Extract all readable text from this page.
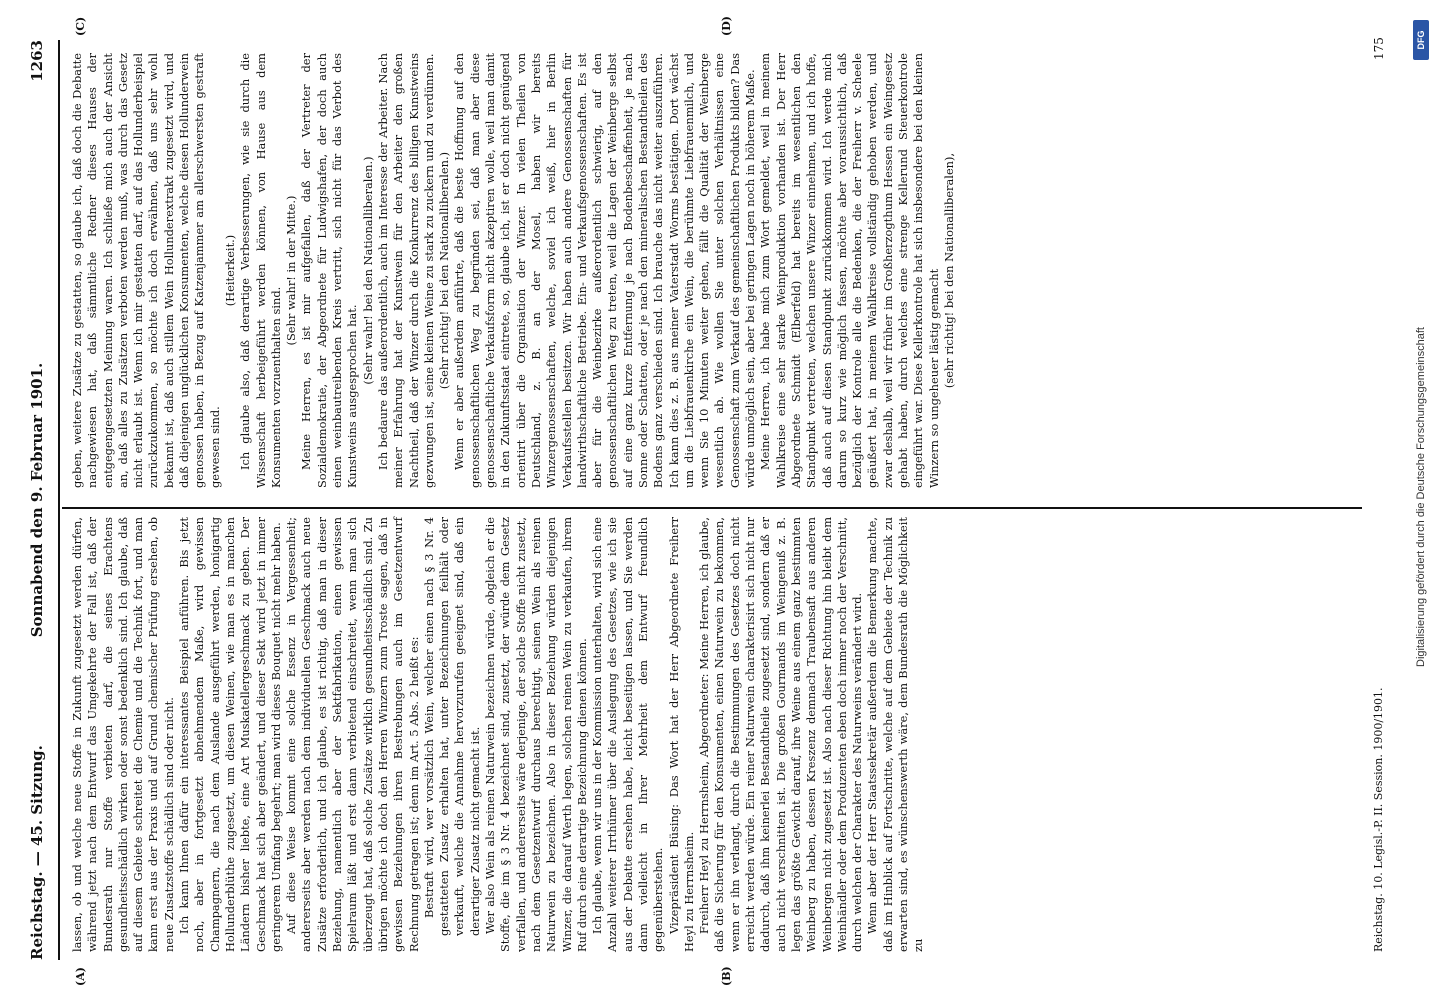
Reichstag. — 45. Sitzung.
Sonnabend den 9. Februar 1901.
1263
(A)	(B)
(C)	(D)

lassen, ob und welche neue Stoffe in Zukunft zugesetzt werden dürfen, während jetzt nach dem Entwurf das Umgekehrte der Fall ist, daß der Bundesrath nur Stoffe verbieten darf, die seines Erachtens gesundheitsschädlich wirken oder sonst bedenklich sind. Ich glaube, daß auf diesem Gebiete schreitet die Chemie und die Technik fort, und man kann erst aus der Praxis und auf Grund chemischer Prüfung ersehen, ob neue Zusatzstoffe schädlich sind oder nicht. Ich kann Ihnen dafür ein interessantes Beispiel anführen. Bis jetzt noch, aber in fortgesetzt abnehmendem Maße, wird gewissen Champagnern, die nach dem Auslande ausgeführt werden, honigartig Hollunderblüthe zugesetzt, um diesen Weinen, wie man es in manchen Ländern bisher liebte, eine Art Muskatellergeschmack zu geben. Der Geschmack hat sich aber geändert, und dieser Sekt wird jetzt in immer geringerem Umfang begehrt; man wird dieses Bouquet nicht mehr haben. Auf diese Weise kommt eine solche Essenz in Vergessenheit; andererseits aber werden nach dem individuellen Geschmack auch neue Zusätze erforderlich, und ich glaube, es ist richtig, daß man in dieser Beziehung, namentlich aber der Sektfabrikation, einen gewissen Spielraum läßt und erst dann verbietend einschreitet, wenn man sich überzeugt hat, daß solche Zusätze wirklich gesundheitsschädlich sind. Zu übrigen möchte ich doch den Herren Winzern zum Troste sagen, daß in gewissen Beziehungen ihren Bestrebungen auch im Gesetzentwurf Rechnung getragen ist; denn im Art. 5 Abs. 2 heißt es: Bestraft wird, wer vorsätzlich Wein, welcher einen nach § 3 Nr. 4 gestatteten Zusatz erhalten hat, unter Bezeichnungen feilhält oder verkauft, welche die Annahme hervorzurufen geeignet sind, daß ein derartiger Zusatz nicht gemacht ist. Wer also Wein als reinen Naturwein bezeichnen würde, obgleich er die Stoffe, die im § 3 Nr. 4 bezeichnet sind, zusetzt, der würde dem Gesetz verfallen, und andererseits wäre derjenige, der solche Stoffe nicht zusetzt, nach dem Gesetzentwurf durchaus berechtigt, seinen Wein als reinen Naturwein zu bezeichnen. Also in dieser Beziehung würden diejenigen Winzer, die darauf Werth legen, solchen reinen Wein zu verkaufen, ihrem Ruf durch eine derartige Bezeichnung dienen können. Ich glaube, wenn wir uns in der Kommission unterhalten, wird sich eine Anzahl weiterer Irrthümer über die Auslegung des Gesetzes, wie ich sie aus der Debatte ersehen habe, leicht beseitigen lassen, und Sie werden dann vielleicht in Ihrer Mehrheit dem Entwurf freundlich gegenüberstehen. Vizepräsident Büsing: Das Wort hat der Herr Abgeordnete Freiherr Heyl zu Herrnsheim. Freiherr Heyl zu Herrnsheim, Abgeordneter: Meine Herren, ich glaube, daß die Sicherung für den Konsumenten, einen Naturwein zu bekommen, wenn er ihn verlangt, durch die Bestimmungen des Gesetzes doch nicht erreicht werden würde. Ein reiner Naturwein charakterisirt sich nicht nur dadurch, daß ihm keinerlei Bestandtheile zugesetzt sind, sondern daß er auch nicht verschnitten ist. Die großen Gourmands im Weingenuß z. B. legen das größte Gewicht darauf, ihre Weine aus einem ganz bestimmten Weinberg zu haben, dessen Kreszenz demnach Traubensaft aus anderen Weinbergen nicht zugesetzt ist. Also nach dieser Richtung hin bleibt dem Weinhändler oder dem Produzenten eben doch immer noch der Verschnitt, durch welchen der Charakter des Naturweins verändert wird. Wenn aber der Herr Staatssekretär außerdem die Bemerkung machte, daß im Hinblick auf Fortschritte, welche auf dem Gebiete der Technik zu erwarten sind, es wünschenswerth wäre, dem Bundesrath die Möglichkeit zu

geben, weitere Zusätze zu gestatten, so glaube ich, daß doch die Debatte nachgewiesen hat, daß sämmtliche Redner dieses Hauses der entgegengesetzten Meinung waren. Ich schließe mich auch der Ansicht an, daß alles zu Zusätzen verboten werden muß, was durch das Gesetz nicht erlaubt ist. Wenn ich mir gestatten darf, auf das Hollunderbeispiel zurückzukommen, so möchte ich doch erwähnen, daß uns sehr wohl bekannt ist, daß auch stillem Wein Hollunderextrakt zugesetzt wird, und daß diejenigen unglücklichen Konsumenten, welche diesen Hollunderwein genossen haben, in Bezug auf Katzenjammer am allerschwersten gestraft gewesen sind.

(Heiterkeit.) Ich glaube also, daß derartige Verbesserungen, wie sie durch die Wissenschaft herbeigeführt werden können, von Hause aus dem Konsumenten vorzuenthalten sind.

(Sehr wahr! in der Mitte.) Meine Herren, es ist mir aufgefallen, daß der Vertreter der Sozialdemokratie, der Abgeordnete für Ludwigshafen, der doch auch einen weinbautreibenden Kreis vertritt, sich nicht für das Verbot des Kunstweins ausgesprochen hat.

(Sehr wahr! bei den Nationalliberalen.) Ich bedaure das außerordentlich, auch im Interesse der Arbeiter. Nach meiner Erfahrung hat der Kunstwein für den Arbeiter den großen Nachtheil, daß der Winzer durch die Konkurrenz des billigen Kunstweins gezwungen ist, seine kleinen Weine zu stark zu zuckern und zu verdünnen. (Sehr richtig! bei den Nationalliberalen.) Wenn er aber außerdem anführte, daß die beste Hoffnung auf den genossenschaftlichen Weg zu begründen sei, daß man aber diese genossenschaftliche Verkaufsform nicht akzeptiren wolle, weil man damit in den Zukunftsstaat eintrete, so, glaube ich, ist er doch nicht genügend orientirt über die Organisation der Winzer. In vielen Theilen von Deutschland, z. B. an der Mosel, haben wir bereits Winzergenossenschaften, welche, soviel ich weiß, hier in Berlin Verkaufsstellen besitzen. Wir haben auch andere Genossenschaften für landwirthschaftliche Betriebe. Ein- und Verkaufsgenossenschaften. Es ist aber für die Weinbezirke außerordentlich schwierig, auf den genossenschaftlichen Weg zu treten, weil die Lagen der Weinberge selbst auf eine ganz kurze Entfernung je nach Bodenbeschaffenheit, je nach Sonne oder Schatten, oder je nach den mineralischen Bestandtheilen des Bodens ganz verschieden sind. Ich brauche das nicht weiter auszuführen. Ich kann dies z. B. aus meiner Vaterstadt Worms bestätigen. Dort wächst um die Liebfrauenkirche ein Wein, die berühmte Liebfrauenmilch, und wenn Sie 10 Minuten weiter gehen, fällt die Qualität der Weinberge wesentlich ab. Wie wollen Sie unter solchen Verhältnissen eine Genossenschaft zum Verkauf des gemeinschaftlichen Produkts bilden? Das würde unmöglich sein, aber bei geringen Lagen noch in höherem Maße. Meine Herren, ich habe mich zum Wort gemeldet, weil in meinem Wahlkreise eine sehr starke Weinproduktion vorhanden ist. Der Herr Abgeordnete Schmidt (Elberfeld) hat bereits im wesentlichen den Standpunkt vertreten, welchen unsere Winzer einnehmen, und ich hoffe, daß auch auf diesen Standpunkt zurückkommen wird. Ich werde mich darum so kurz wie möglich fassen, möchte aber voraussichtlich, daß bezüglich der Kontrole alle die Bedenken, die der Freiherr v. Scheele geäußert hat, in meinem Wahlkreise vollständig gehoben werden, und zwar deshalb, weil wir früher im Großherzogthum Hessen ein Weingesetz gehabt haben, durch welches eine strenge Kellerund Steuerkontrole eingeführt war. Diese Kellerkontrole hat sich insbesondere bei den kleinen Winzern so ungeheuer lästig gemacht (sehr richtig! bei den Nationalliberalen),

Reichstag. 10. Legisl.-P. II. Session. 1900/1901.
175	DFG
Digitalisierung gefördert durch die Deutsche Forschungsgemeinschaft
